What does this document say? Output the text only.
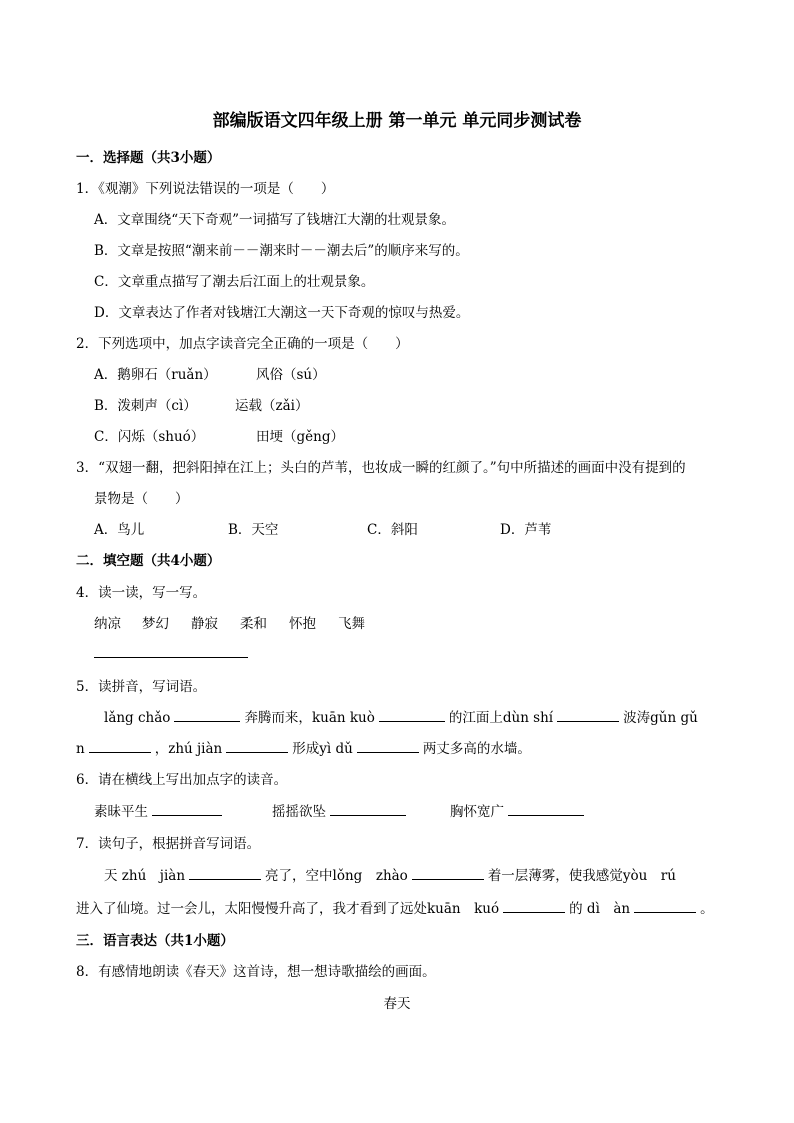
部编版语文四年级上册 第一单元 单元同步测试卷
一．选择题（共3小题）
1．《观潮》下列说法错误的一项是（　　）
A．文章围绕“天下奇观”一词描写了钱塘江大潮的壮观景象。
B．文章是按照“潮来前－－潮来时－－潮去后”的顺序来写的。
C．文章重点描写了潮去后江面上的壮观景象。
D．文章表达了作者对钱塘江大潮这一天下奇观的惊叹与热爱。
2．下列选项中，加点字读音完全正确的一项是（　　）
A．鹅卵石（ruǎn）	风俗（sú）
B．泼刺声（cì）	运载（zǎi）
C．闪烁（shuó）	田埂（gěng）
3．“双翅一翻，把斜阳掉在江上；头白的芦苇，也妆成一瞬的红颜了。”句中所描述的画面中没有提到的
景物是（　　）
A．鸟儿	B．天空	C．斜阳	D．芦苇
二．填空题（共4小题）
4．读一读，写一写。
纳凉 梦幻 静寂 柔和 怀抱 飞舞
5．读拼音，写词语。
lǎng chǎo	奔腾而来，kuān kuò	的江面上dùn shí	波涛gǔn gǔ
n	，zhú jiàn	形成yì dǔ	两丈多高的水墙。
6．请在横线上写出加点字的读音。
素昧平生	摇摇欲坠	胸怀宽广
7．读句子，根据拼音写词语。
天 zhú　jiàn	亮了，空中lǒng　zhào	着一层薄雾，使我感觉yòu　rú
进入了仙境。过一会儿，太阳慢慢升高了，我才看到了远处kuān　kuó	的 dì　àn	。
三．语言表达（共1小题）
8．有感情地朗读《春天》这首诗，想一想诗歌描绘的画面。
春天
